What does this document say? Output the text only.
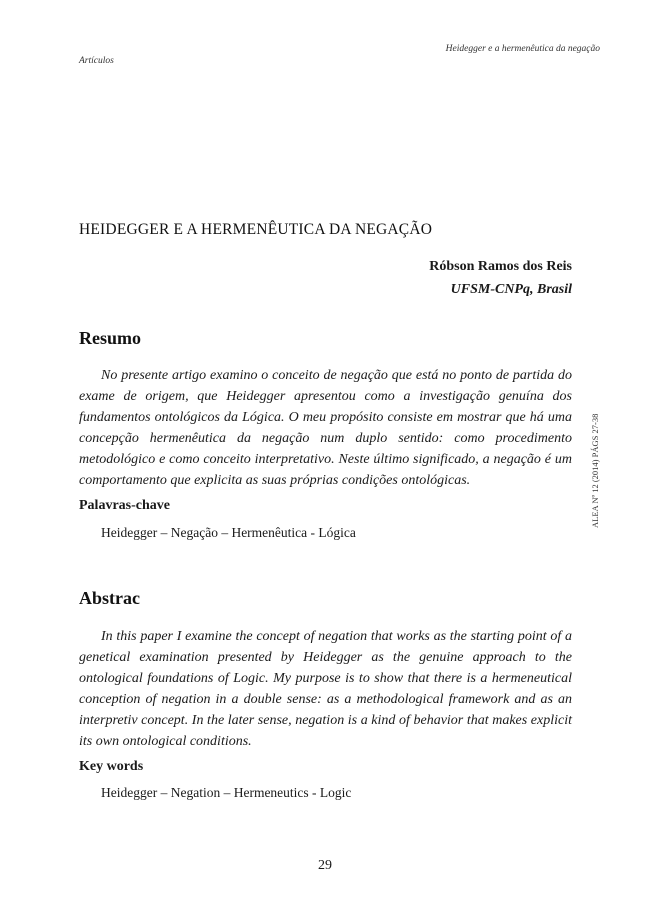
Heidegger e a hermenêutica da negação
Artículos
HEIDEGGER E A HERMENÊUTICA DA NEGAÇÃO
Róbson Ramos dos Reis
UFSM-CNPq, Brasil
Resumo

No presente artigo examino o conceito de negação que está no ponto de partida do exame de origem, que Heidegger apresentou como a investigação genuína dos fundamentos ontológicos da Lógica. O meu propósito consiste em mostrar que há uma concepção hermenêutica da negação num duplo sentido: como procedimento metodológico e como conceito interpretativo. Neste último significado, a negação é um comportamento que explicita as suas próprias condições ontológicas.

Palavras-chave
Heidegger – Negação – Hermenêutica - Lógica
ALEA Nº 12 (2014) PÁGS 27-38
Abstrac

In this paper I examine the concept of negation that works as the starting point of a genetical examination presented by Heidegger as the genuine approach to the ontological foundations of Logic. My purpose is to show that there is a hermeneutical conception of negation in a double sense: as a methodological framework and as an interpretiv concept. In the later sense, negation is a kind of behavior that makes explicit its own ontological conditions.

Key words
Heidegger – Negation – Hermeneutics - Logic
29
